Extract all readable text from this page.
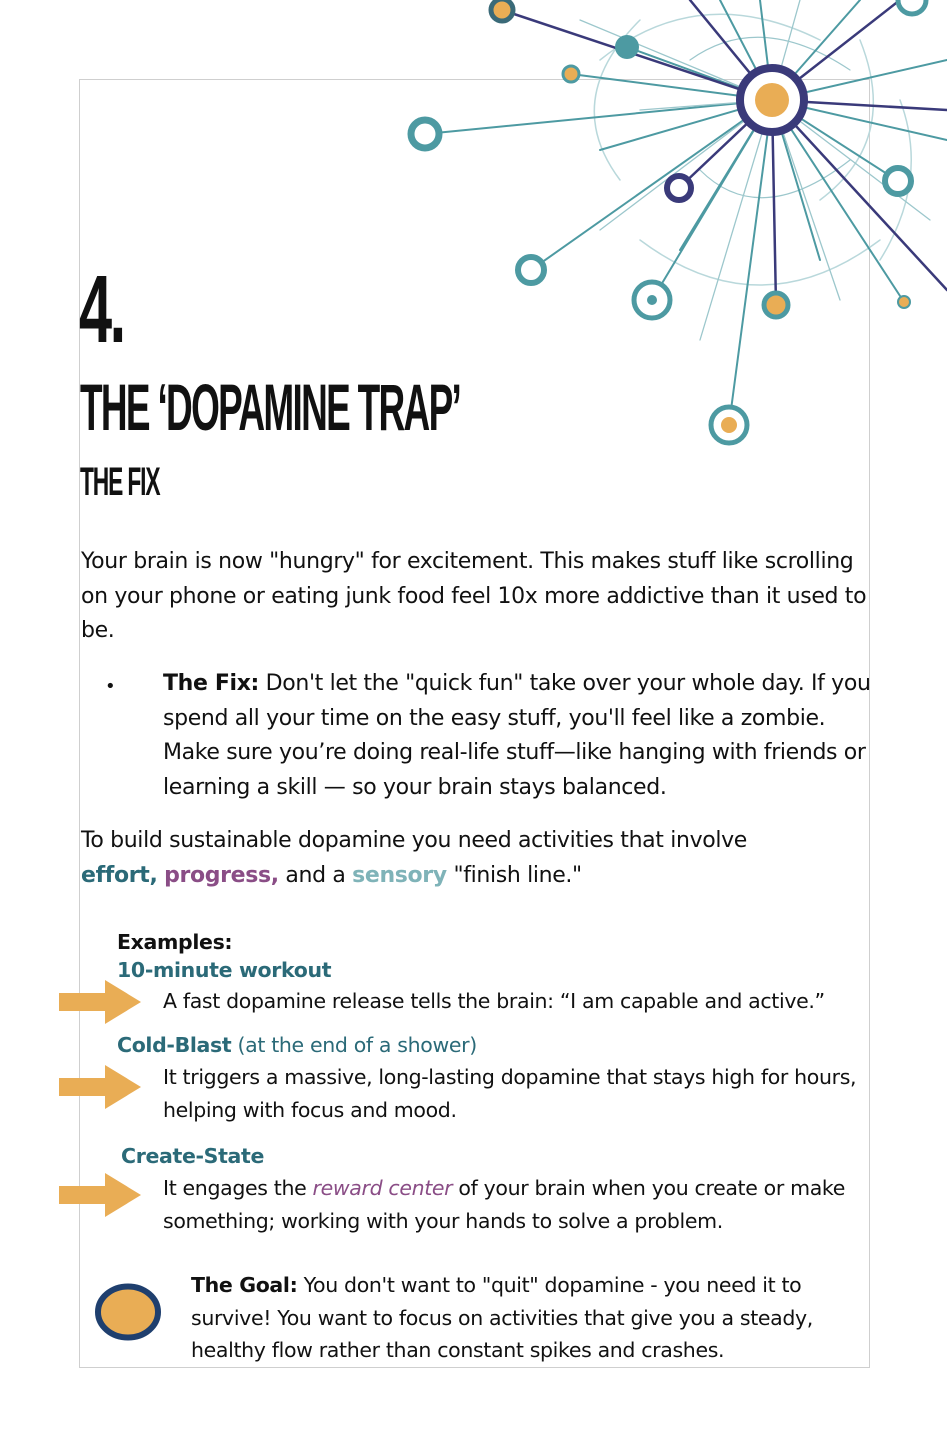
4.
THE ‘DOPAMINE TRAP’
THE FIX
Your brain is now "hungry" for excitement. This makes stuff like scrolling on your phone or eating junk food feel 10x more addictive than it used to be.
• The Fix: Don't let the "quick fun" take over your whole day. If you spend all your time on the easy stuff, you'll feel like a zombie. Make sure you’re doing real-life stuff—like hanging with friends or learning a skill — so your brain stays balanced.
To build sustainable dopamine you need activities that involve
effort, progress, and a sensory "finish line."
Examples:
10-minute workout
A fast dopamine release tells the brain: “I am capable and active.”
Cold-Blast (at the end of a shower)
It triggers a massive, long-lasting dopamine that stays high for hours, helping with focus and mood.
Create-State
It engages the reward center of your brain when you create or make something; working with your hands to solve a problem.
The Goal: You don't want to "quit" dopamine - you need it to survive! You want to focus on activities that give you a steady, healthy flow rather than constant spikes and crashes.
